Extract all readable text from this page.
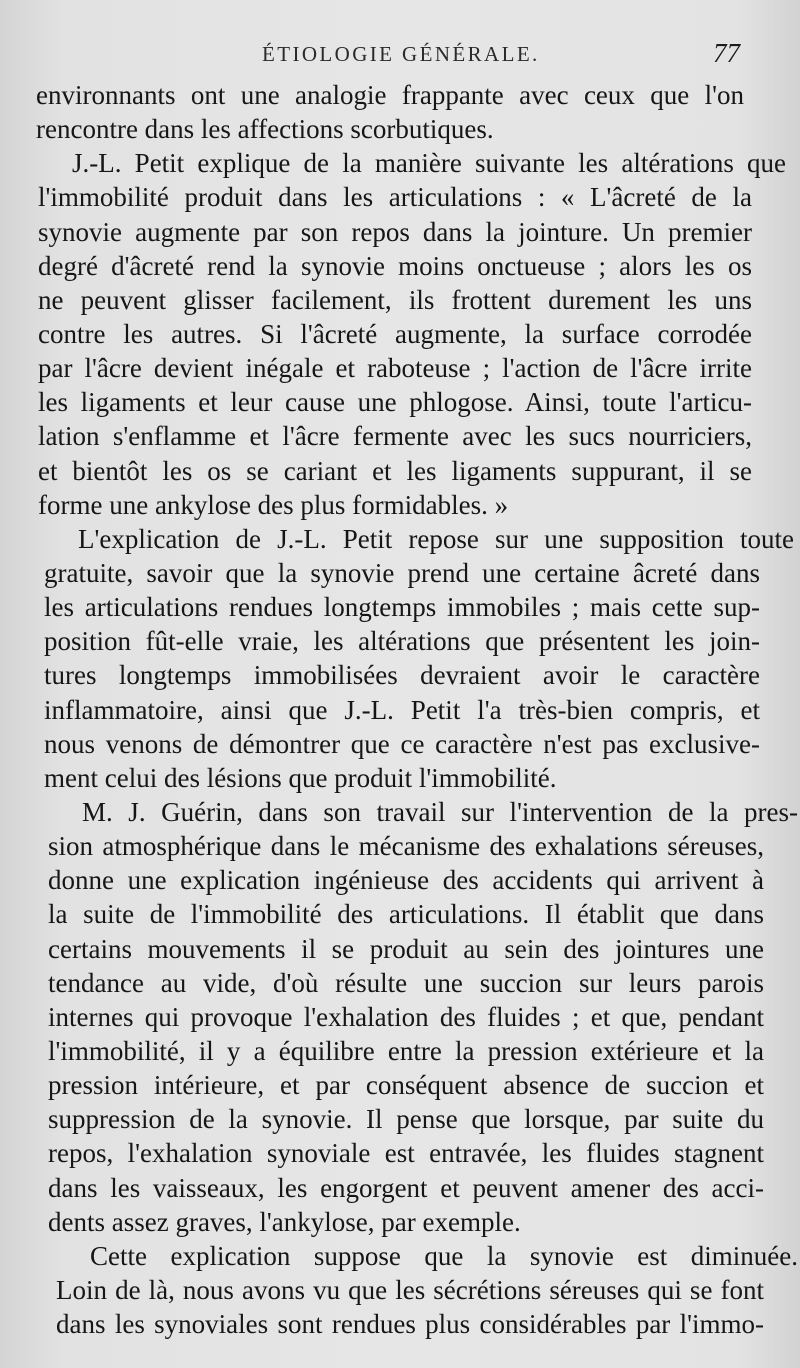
ÉTIOLOGIE GÉNÉRALE.	77
environnants ont une analogie frappante avec ceux que l'on
rencontre dans les affections scorbutiques.
J.-L. Petit explique de la manière suivante les altérations que
l'immobilité produit dans les articulations : « L'âcreté de la
synovie augmente par son repos dans la jointure. Un premier
degré d'âcreté rend la synovie moins onctueuse ; alors les os
ne peuvent glisser facilement, ils frottent durement les uns
contre les autres. Si l'âcreté augmente, la surface corrodée
par l'âcre devient inégale et raboteuse ; l'action de l'âcre irrite
les ligaments et leur cause une phlogose. Ainsi, toute l'articu-
lation s'enflamme et l'âcre fermente avec les sucs nourriciers,
et bientôt les os se cariant et les ligaments suppurant, il se
forme une ankylose des plus formidables. »
L'explication de J.-L. Petit repose sur une supposition toute
gratuite, savoir que la synovie prend une certaine âcreté dans
les articulations rendues longtemps immobiles ; mais cette sup-
position fût-elle vraie, les altérations que présentent les join-
tures longtemps immobilisées devraient avoir le caractère
inflammatoire, ainsi que J.-L. Petit l'a très-bien compris, et
nous venons de démontrer que ce caractère n'est pas exclusive-
ment celui des lésions que produit l'immobilité.
M. J. Guérin, dans son travail sur l'intervention de la pres-
sion atmosphérique dans le mécanisme des exhalations séreuses,
donne une explication ingénieuse des accidents qui arrivent à
la suite de l'immobilité des articulations. Il établit que dans
certains mouvements il se produit au sein des jointures une
tendance au vide, d'où résulte une succion sur leurs parois
internes qui provoque l'exhalation des fluides ; et que, pendant
l'immobilité, il y a équilibre entre la pression extérieure et la
pression intérieure, et par conséquent absence de succion et
suppression de la synovie. Il pense que lorsque, par suite du
repos, l'exhalation synoviale est entravée, les fluides stagnent
dans les vaisseaux, les engorgent et peuvent amener des acci-
dents assez graves, l'ankylose, par exemple.
Cette explication suppose que la synovie est diminuée.
Loin de là, nous avons vu que les sécrétions séreuses qui se font
dans les synoviales sont rendues plus considérables par l'immo-
